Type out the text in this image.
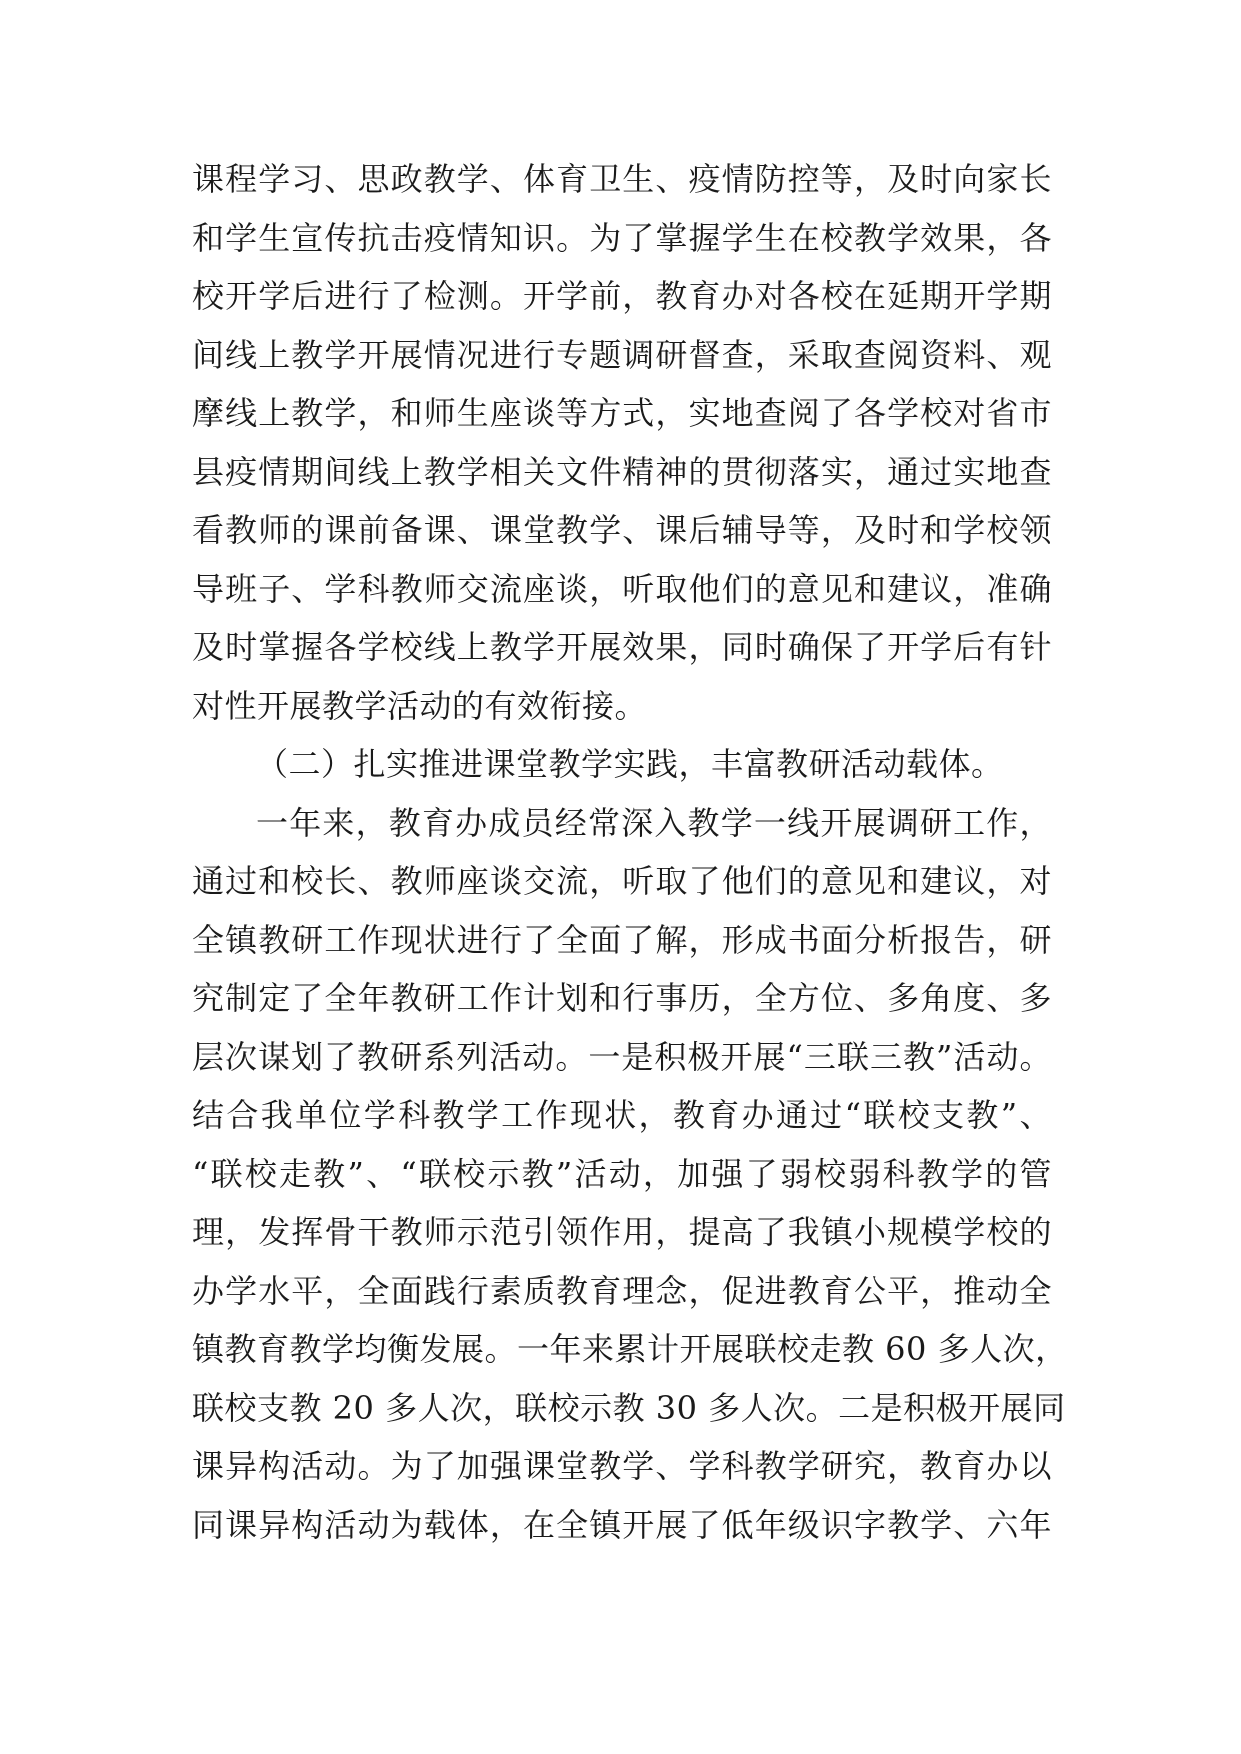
课程学习、思政教学、体育卫生、疫情防控等，及时向家长
和学生宣传抗击疫情知识。为了掌握学生在校教学效果，各
校开学后进行了检测。开学前，教育办对各校在延期开学期
间线上教学开展情况进行专题调研督查，采取查阅资料、观
摩线上教学，和师生座谈等方式，实地查阅了各学校对省市
县疫情期间线上教学相关文件精神的贯彻落实，通过实地查
看教师的课前备课、课堂教学、课后辅导等，及时和学校领
导班子、学科教师交流座谈，听取他们的意见和建议，准确
及时掌握各学校线上教学开展效果，同时确保了开学后有针
对性开展教学活动的有效衔接。
（二）扎实推进课堂教学实践，丰富教研活动载体。
一年来，教育办成员经常深入教学一线开展调研工作，
通过和校长、教师座谈交流，听取了他们的意见和建议，对
全镇教研工作现状进行了全面了解，形成书面分析报告，研
究制定了全年教研工作计划和行事历，全方位、多角度、多
层次谋划了教研系列活动。一是积极开展“三联三教”活动。
结合我单位学科教学工作现状，教育办通过“联校支教”、
“联校走教”、“联校示教”活动，加强了弱校弱科教学的管
理，发挥骨干教师示范引领作用，提高了我镇小规模学校的
办学水平，全面践行素质教育理念，促进教育公平，推动全
镇教育教学均衡发展。一年来累计开展联校走教 60 多人次，
联校支教 20 多人次，联校示教 30 多人次。二是积极开展同
课异构活动。为了加强课堂教学、学科教学研究，教育办以
同课异构活动为载体，在全镇开展了低年级识字教学、六年
